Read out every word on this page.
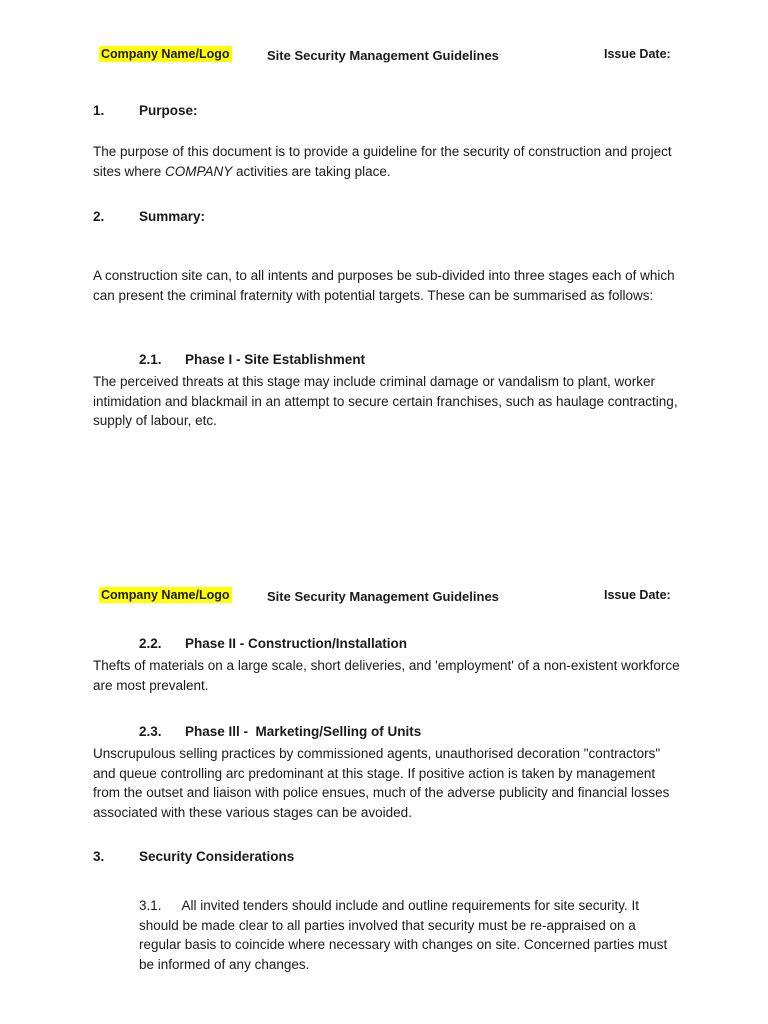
Company Name/Logo	Site Security Management Guidelines	Issue Date:
1.	Purpose:
The purpose of this document is to provide a guideline for the security of construction and project sites where COMPANY activities are taking place.
2.	Summary:
A construction site can, to all intents and purposes be sub-divided into three stages each of which can present the criminal fraternity with potential targets. These can be summarised as follows:
2.1. Phase I - Site Establishment
The perceived threats at this stage may include criminal damage or vandalism to plant, worker intimidation and blackmail in an attempt to secure certain franchises, such as haulage contracting, supply of labour, etc.
Company Name/Logo	Site Security Management Guidelines	Issue Date:
2.2. Phase II - Construction/Installation
Thefts of materials on a large scale, short deliveries, and 'employment' of a non-existent workforce are most prevalent.
2.3. Phase Ill -  Marketing/Selling of Units
Unscrupulous selling practices by commissioned agents, unauthorised decoration "contractors" and queue controlling arc predominant at this stage. If positive action is taken by management from the outset and liaison with police ensues, much of the adverse publicity and financial losses associated with these various stages can be avoided.
3.	Security Considerations
3.1. All invited tenders should include and outline requirements for site security. It should be made clear to all parties involved that security must be re-appraised on a regular basis to coincide where necessary with changes on site. Concerned parties must be informed of any changes.
